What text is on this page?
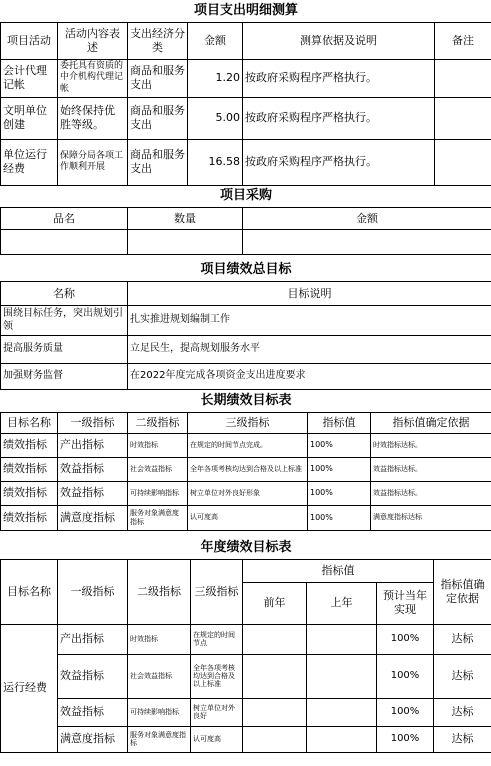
项目支出明细测算					
项目活动	活动内容表述	支出经济分类	金额	测算依据及说明	备注
会计代理记帐	委托具有资质的中介机构代理记帐	商品和服务支出	1.20	按政府采购程序严格执行。	
文明单位创建	始终保持优胜等级。	商品和服务支出	5.00	按政府采购程序严格执行。	
单位运行经费	保障分局各项工作顺利开展	商品和服务支出	16.58	按政府采购程序严格执行。	
项目采购		
品名	数量	金额

项目绩效总目标	
名称	目标说明
围绕目标任务，突出规划引领	扎实推进规划编制工作
提高服务质量	立足民生，提高规划服务水平
加强财务监督	在2022年度完成各项资金支出进度要求
长期绩效目标表					
目标名称	一级指标	二级指标	三级指标	指标值	指标值确定依据
绩效指标	产出指标	时效指标	在规定的时间节点完成。	100%	时效指标达标。
绩效指标	效益指标	社会效益指标	全年各项考核均达到合格及以上标准	100%	效益指标达标。
绩效指标	效益指标	可持续影响指标	树立单位对外良好形象	100%	效益指标达标。
绩效指标	满意度指标	服务对象满意度指标	认可度高	100%	满意度指标达标

年度绩效目标表							
目标名称	一级指标	二级指标	三级指标	指标值			指标值确定依据
				前年	上年	预计当年实现	
运行经费	产出指标	时效指标	在规定的时间节点			100%	达标
	效益指标	社会效益指标	全年各项考核均达到合格及以上标准			100%	达标
	效益指标	可持续影响指标	树立单位对外良好			100%	达标
	满意度指标	服务对象满意度指标	认可度高			100%	达标
